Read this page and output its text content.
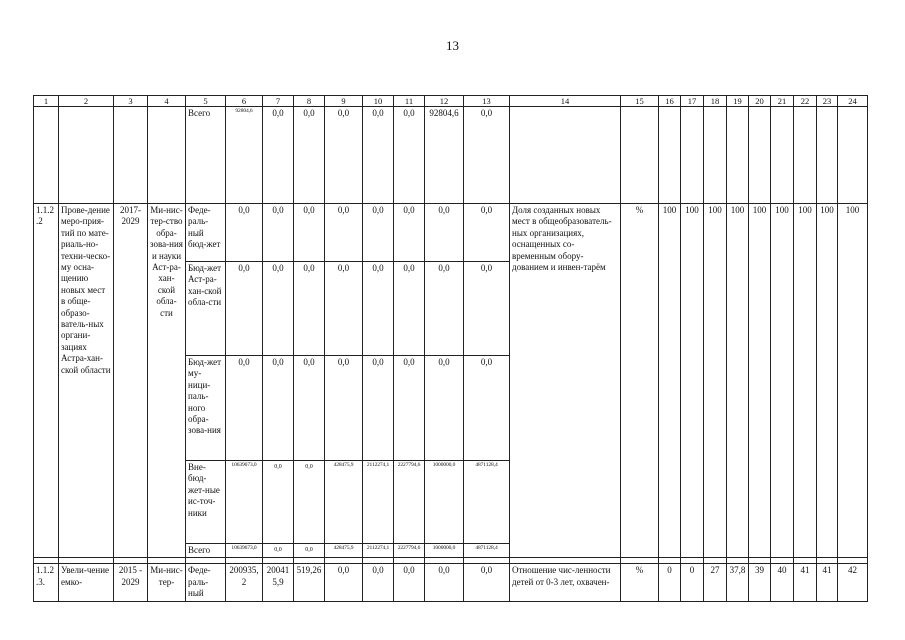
13
1	2	3	4	5	6	7	8	9	10	11	12	13	14	15	16	17	18	19	20	21	22	23	24
				Всего	92804,6	0,0	0,0	0,0	0,0	0,0	92804,6	0,0											
1.1.2.2	Прове-дение меро-прия-тий по мате-риаль-но-техни-ческо-му осна-щению новых мест в обще-образо-ватель-ных органи-зациях Астра-хан-ской области	2017-2029	Ми-нис-тер-ство обра-зова-ния и науки Аст-ра-хан-ской обла-сти	Феде-раль-ный бюд-жет	0,0	0,0	0,0	0,0	0,0	0,0	0,0	0,0	Доля созданных новых мест в общеобразователь-ных организациях, оснащенных со-временным обору-дованием и инвен-тарём	%	100	100	100	100	100	100	100	100	100
				Бюд-жет Аст-ра-хан-ской обла-сти	0,0	0,0	0,0	0,0	0,0	0,0	0,0	0,0											
				Бюд-жет му-ници-паль-ного обра-зова-ния	0,0	0,0	0,0	0,0	0,0	0,0	0,0	0,0											
				Вне-бюд-жет-ные ис-точ-ники	10639673,0	0,0	0,0	428475,9	2112274,1	2227794,6	1000000,0	4871128,4											
				Всего	10639673,0	0,0	0,0	428475,9	2112274,1	2227794,6	1000000,0	4871128,4											

1.1.2.3.	Увели-чение емко-	2015 - 2029	Ми-нис-тер-	Феде-раль-ный	200935,2	200415,9	519,26	0,0	0,0	0,0	0,0	0,0	Отношение чис-ленности детей от 0-3 лет, охвачен-	%	0	0	27	37,8	39	40	41	41	42
